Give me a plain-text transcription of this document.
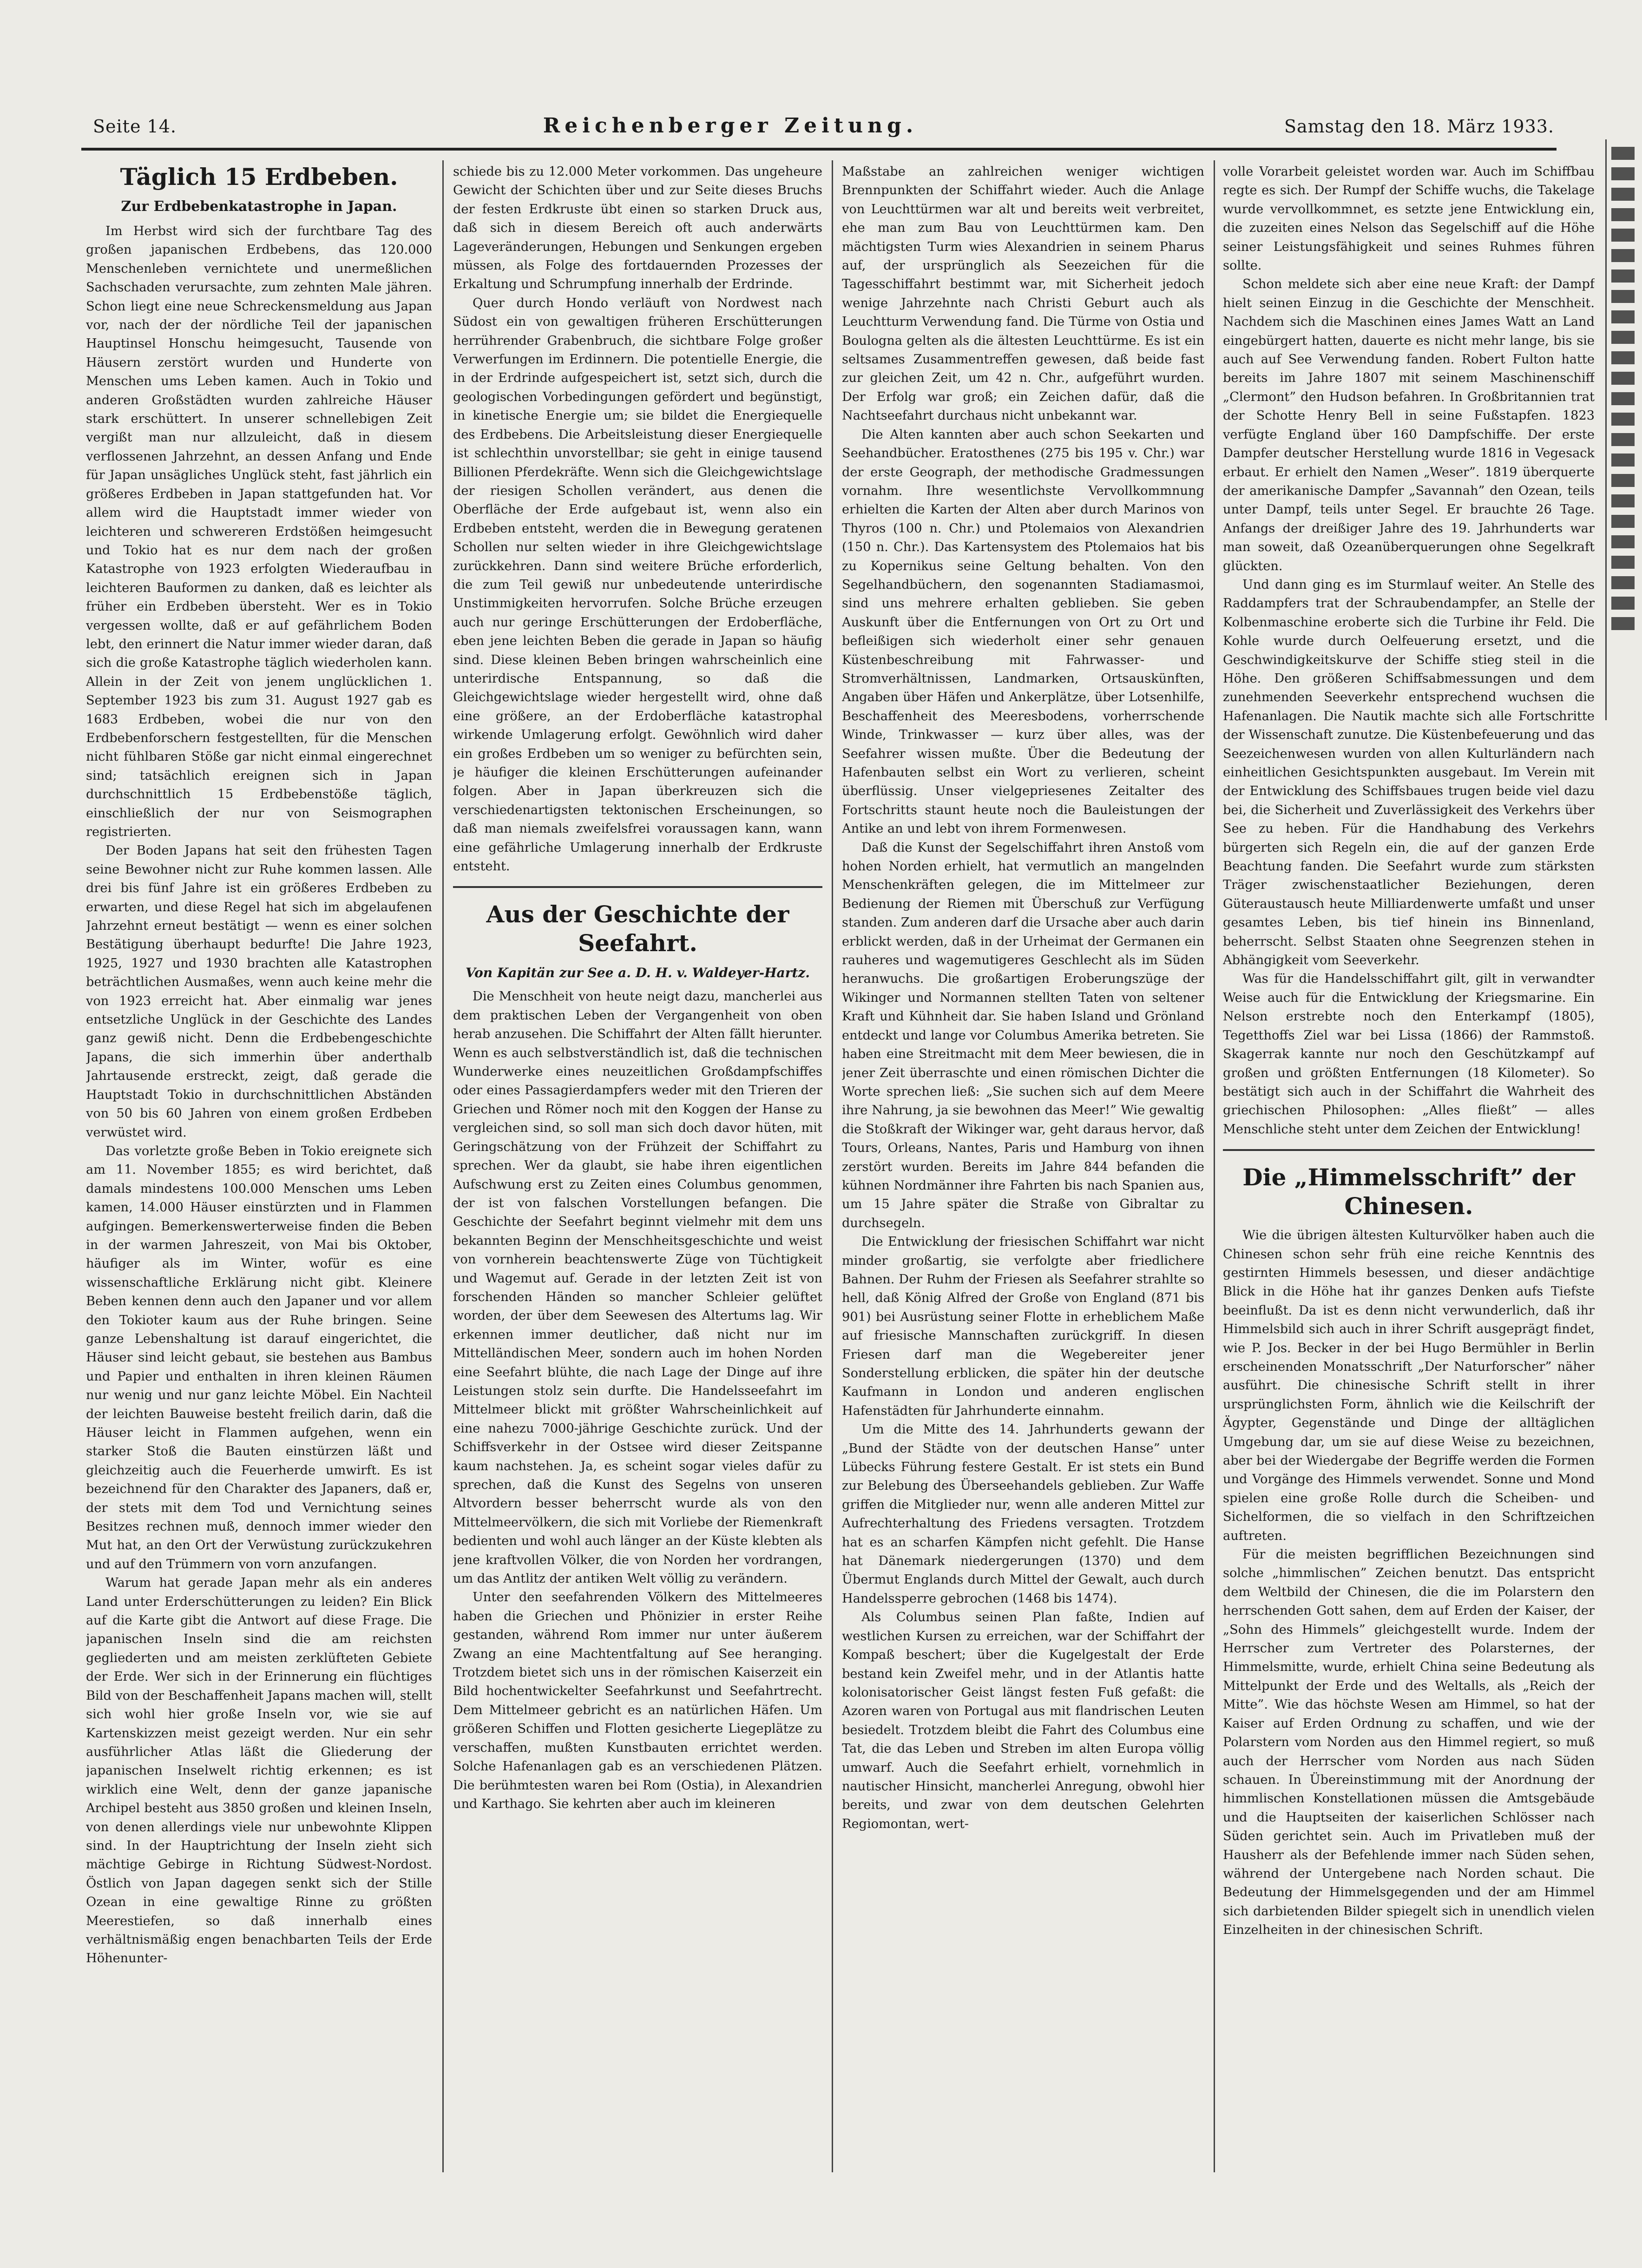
Seite 14.	Reichenberger Zeitung.	Samstag den 18. März 1933.
Täglich 15 Erdbeben.
Zur Erdbebenkatastrophe in Japan.

Im Herbst wird sich der furchtbare Tag des großen japanischen Erdbebens, das 120.000 Menschenleben vernichtete und unermeßlichen Sachschaden verursachte, zum zehnten Male jähren. Schon liegt eine neue Schreckensmeldung aus Japan vor, nach der der nördliche Teil der japanischen Hauptinsel Honschu heimgesucht, Tausende von Häusern zerstört wurden und Hunderte von Menschen ums Leben kamen. Auch in Tokio und anderen Großstädten wurden zahlreiche Häuser stark erschüttert. In unserer schnellebigen Zeit vergißt man nur allzuleicht, daß in diesem verflossenen Jahrzehnt, an dessen Anfang und Ende für Japan unsägliches Unglück steht, fast jährlich ein größeres Erdbeben in Japan stattgefunden hat. Vor allem wird die Hauptstadt immer wieder von leichteren und schwereren Erdstößen heimgesucht und Tokio hat es nur dem nach der großen Katastrophe von 1923 erfolgten Wiederaufbau in leichteren Bauformen zu danken, daß es leichter als früher ein Erdbeben übersteht. Wer es in Tokio vergessen wollte, daß er auf gefährlichem Boden lebt, den erinnert die Natur immer wieder daran, daß sich die große Katastrophe täglich wiederholen kann. Allein in der Zeit von jenem unglücklichen 1. September 1923 bis zum 31. August 1927 gab es 1683 Erdbeben, wobei die nur von den Erdbebenforschern festgestellten, für die Menschen nicht fühlbaren Stöße gar nicht einmal eingerechnet sind; tatsächlich ereignen sich in Japan durchschnittlich 15 Erdbebenstöße täglich, einschließlich der nur von Seismographen registrierten.

Der Boden Japans hat seit den frühesten Tagen seine Bewohner nicht zur Ruhe kommen lassen. Alle drei bis fünf Jahre ist ein größeres Erdbeben zu erwarten, und diese Regel hat sich im abgelaufenen Jahrzehnt erneut bestätigt — wenn es einer solchen Bestätigung überhaupt bedurfte! Die Jahre 1923, 1925, 1927 und 1930 brachten alle Katastrophen beträchtlichen Ausmaßes, wenn auch keine mehr die von 1923 erreicht hat. Aber einmalig war jenes entsetzliche Unglück in der Geschichte des Landes ganz gewiß nicht. Denn die Erdbebengeschichte Japans, die sich immerhin über anderthalb Jahrtausende erstreckt, zeigt, daß gerade die Hauptstadt Tokio in durchschnittlichen Abständen von 50 bis 60 Jahren von einem großen Erdbeben verwüstet wird.

Das vorletzte große Beben in Tokio ereignete sich am 11. November 1855; es wird berichtet, daß damals mindestens 100.000 Menschen ums Leben kamen, 14.000 Häuser einstürzten und in Flammen aufgingen. Bemerkenswerterweise finden die Beben in der warmen Jahreszeit, von Mai bis Oktober, häufiger als im Winter, wofür es eine wissenschaftliche Erklärung nicht gibt. Kleinere Beben kennen denn auch den Japaner und vor allem den Tokioter kaum aus der Ruhe bringen. Seine ganze Lebenshaltung ist darauf eingerichtet, die Häuser sind leicht gebaut, sie bestehen aus Bambus und Papier und enthalten in ihren kleinen Räumen nur wenig und nur ganz leichte Möbel. Ein Nachteil der leichten Bauweise besteht freilich darin, daß die Häuser leicht in Flammen aufgehen, wenn ein starker Stoß die Bauten einstürzen läßt und gleichzeitig auch die Feuerherde umwirft. Es ist bezeichnend für den Charakter des Japaners, daß er, der stets mit dem Tod und Vernichtung seines Besitzes rechnen muß, dennoch immer wieder den Mut hat, an den Ort der Verwüstung zurückzukehren und auf den Trümmern von vorn anzufangen.

Warum hat gerade Japan mehr als ein anderes Land unter Erderschütterungen zu leiden? Ein Blick auf die Karte gibt die Antwort auf diese Frage. Die japanischen Inseln sind die am reichsten gegliederten und am meisten zerklüfteten Gebiete der Erde. Wer sich in der Erinnerung ein flüchtiges Bild von der Beschaffenheit Japans machen will, stellt sich wohl hier große Inseln vor, wie sie auf Kartenskizzen meist gezeigt werden. Nur ein sehr ausführlicher Atlas läßt die Gliederung der japanischen Inselwelt richtig erkennen; es ist wirklich eine Welt, denn der ganze japanische Archipel besteht aus 3850 großen und kleinen Inseln, von denen allerdings viele nur unbewohnte Klippen sind. In der Hauptrichtung der Inseln zieht sich mächtige Gebirge in Richtung Südwest-Nordost. Östlich von Japan dagegen senkt sich der Stille Ozean in eine gewaltige Rinne zu größten Meerestiefen, so daß innerhalb eines verhältnismäßig engen benachbarten Teils der Erde Höhenunter-

schiede bis zu 12.000 Meter vorkommen. Das ungeheure Gewicht der Schichten über und zur Seite dieses Bruchs der festen Erdkruste übt einen so starken Druck aus, daß sich in diesem Bereich oft auch anderwärts Lageveränderungen, Hebungen und Senkungen ergeben müssen, als Folge des fortdauernden Prozesses der Erkaltung und Schrumpfung innerhalb der Erdrinde.

Quer durch Hondo verläuft von Nordwest nach Südost ein von gewaltigen früheren Erschütterungen herrührender Grabenbruch, die sichtbare Folge großer Verwerfungen im Erdinnern. Die potentielle Energie, die in der Erdrinde aufgespeichert ist, setzt sich, durch die geologischen Vorbedingungen gefördert und begünstigt, in kinetische Energie um; sie bildet die Energiequelle des Erdbebens. Die Arbeitsleistung dieser Energiequelle ist schlechthin unvorstellbar; sie geht in einige tausend Billionen Pferdekräfte. Wenn sich die Gleichgewichtslage der riesigen Schollen verändert, aus denen die Oberfläche der Erde aufgebaut ist, wenn also ein Erdbeben entsteht, werden die in Bewegung geratenen Schollen nur selten wieder in ihre Gleichgewichtslage zurückkehren. Dann sind weitere Brüche erforderlich, die zum Teil gewiß nur unbedeutende unterirdische Unstimmigkeiten hervorrufen. Solche Brüche erzeugen auch nur geringe Erschütterungen der Erdoberfläche, eben jene leichten Beben die gerade in Japan so häufig sind. Diese kleinen Beben bringen wahrscheinlich eine unterirdische Entspannung, so daß die Gleichgewichtslage wieder hergestellt wird, ohne daß eine größere, an der Erdoberfläche katastrophal wirkende Umlagerung erfolgt. Gewöhnlich wird daher ein großes Erdbeben um so weniger zu befürchten sein, je häufiger die kleinen Erschütterungen aufeinander folgen. Aber in Japan überkreuzen sich die verschiedenartigsten tektonischen Erscheinungen, so daß man niemals zweifelsfrei voraussagen kann, wann eine gefährliche Umlagerung innerhalb der Erdkruste entsteht.

Aus der Geschichte der Seefahrt.

Von Kapitän zur See a. D. H. v. Waldeyer-Hartz.

Die Menschheit von heute neigt dazu, mancherlei aus dem praktischen Leben der Vergangenheit von oben herab anzusehen. Die Schiffahrt der Alten fällt hierunter. Wenn es auch selbstverständlich ist, daß die technischen Wunderwerke eines neuzeitlichen Großdampfschiffes oder eines Passagierdampfers weder mit den Trieren der Griechen und Römer noch mit den Koggen der Hanse zu vergleichen sind, so soll man sich doch davor hüten, mit Geringschätzung von der Frühzeit der Schiffahrt zu sprechen. Wer da glaubt, sie habe ihren eigentlichen Aufschwung erst zu Zeiten eines Columbus genommen, der ist von falschen Vorstellungen befangen. Die Geschichte der Seefahrt beginnt vielmehr mit dem uns bekannten Beginn der Menschheitsgeschichte und weist von vornherein beachtenswerte Züge von Tüchtigkeit und Wagemut auf. Gerade in der letzten Zeit ist von forschenden Händen so mancher Schleier gelüftet worden, der über dem Seewesen des Altertums lag. Wir erkennen immer deutlicher, daß nicht nur im Mittelländischen Meer, sondern auch im hohen Norden eine Seefahrt blühte, die nach Lage der Dinge auf ihre Leistungen stolz sein durfte. Die Handelsseefahrt im Mittelmeer blickt mit größter Wahrscheinlichkeit auf eine nahezu 7000-jährige Geschichte zurück. Und der Schiffsverkehr in der Ostsee wird dieser Zeitspanne kaum nachstehen. Ja, es scheint sogar vieles dafür zu sprechen, daß die Kunst des Segelns von unseren Altvordern besser beherrscht wurde als von den Mittelmeervölkern, die sich mit Vorliebe der Riemenkraft bedienten und wohl auch länger an der Küste klebten als jene kraftvollen Völker, die von Norden her vordrangen, um das Antlitz der antiken Welt völlig zu verändern.

Unter den seefahrenden Völkern des Mittelmeeres haben die Griechen und Phönizier in erster Reihe gestanden, während Rom immer nur unter äußerem Zwang an eine Machtentfaltung auf See heranging. Trotzdem bietet sich uns in der römischen Kaiserzeit ein Bild hochentwickelter Seefahrkunst und Seefahrtrecht. Dem Mittelmeer gebricht es an natürlichen Häfen. Um größeren Schiffen und Flotten gesicherte Liegeplätze zu verschaffen, mußten Kunstbauten errichtet werden. Solche Hafenanlagen gab es an verschiedenen Plätzen. Die berühmtesten waren bei Rom (Ostia), in Alexandrien und Karthago. Sie kehrten aber auch im kleineren

Maßstabe an zahlreichen weniger wichtigen Brennpunkten der Schiffahrt wieder. Auch die Anlage von Leuchttürmen war alt und bereits weit verbreitet, ehe man zum Bau von Leuchttürmen kam. Den mächtigsten Turm wies Alexandrien in seinem Pharus auf, der ursprünglich als Seezeichen für die Tagesschiffahrt bestimmt war, mit Sicherheit jedoch wenige Jahrzehnte nach Christi Geburt auch als Leuchtturm Verwendung fand. Die Türme von Ostia und Boulogna gelten als die ältesten Leuchttürme. Es ist ein seltsames Zusammentreffen gewesen, daß beide fast zur gleichen Zeit, um 42 n. Chr., aufgeführt wurden. Der Erfolg war groß; ein Zeichen dafür, daß die Nachtseefahrt durchaus nicht unbekannt war.

Die Alten kannten aber auch schon Seekarten und Seehandbücher. Eratosthenes (275 bis 195 v. Chr.) war der erste Geograph, der methodische Gradmessungen vornahm. Ihre wesentlichste Vervollkommnung erhielten die Karten der Alten aber durch Marinos von Thyros (100 n. Chr.) und Ptolemaios von Alexandrien (150 n. Chr.). Das Kartensystem des Ptolemaios hat bis zu Kopernikus seine Geltung behalten. Von den Segelhandbüchern, den sogenannten Stadiamasmoi, sind uns mehrere erhalten geblieben. Sie geben Auskunft über die Entfernungen von Ort zu Ort und befleißigen sich wiederholt einer sehr genauen Küstenbeschreibung mit Fahrwasser- und Stromverhältnissen, Landmarken, Ortsauskünften, Angaben über Häfen und Ankerplätze, über Lotsenhilfe, Beschaffenheit des Meeresbodens, vorherrschende Winde, Trinkwasser — kurz über alles, was der Seefahrer wissen mußte. Über die Bedeutung der Hafenbauten selbst ein Wort zu verlieren, scheint überflüssig. Unser vielgepriesenes Zeitalter des Fortschritts staunt heute noch die Bauleistungen der Antike an und lebt von ihrem Formenwesen.

Daß die Kunst der Segelschiffahrt ihren Anstoß vom hohen Norden erhielt, hat vermutlich an mangelnden Menschenkräften gelegen, die im Mittelmeer zur Bedienung der Riemen mit Überschuß zur Verfügung standen. Zum anderen darf die Ursache aber auch darin erblickt werden, daß in der Urheimat der Germanen ein rauheres und wagemutigeres Geschlecht als im Süden heranwuchs. Die großartigen Eroberungszüge der Wikinger und Normannen stellten Taten von seltener Kraft und Kühnheit dar. Sie haben Island und Grönland entdeckt und lange vor Columbus Amerika betreten. Sie haben eine Streitmacht mit dem Meer bewiesen, die in jener Zeit überraschte und einen römischen Dichter die Worte sprechen ließ: „Sie suchen sich auf dem Meere ihre Nahrung, ja sie bewohnen das Meer!” Wie gewaltig die Stoßkraft der Wikinger war, geht daraus hervor, daß Tours, Orleans, Nantes, Paris und Hamburg von ihnen zerstört wurden. Bereits im Jahre 844 befanden die kühnen Nordmänner ihre Fahrten bis nach Spanien aus, um 15 Jahre später die Straße von Gibraltar zu durchsegeln.

Die Entwicklung der friesischen Schiffahrt war nicht minder großartig, sie verfolgte aber friedlichere Bahnen. Der Ruhm der Friesen als Seefahrer strahlte so hell, daß König Alfred der Große von England (871 bis 901) bei Ausrüstung seiner Flotte in erheblichem Maße auf friesische Mannschaften zurückgriff. In diesen Friesen darf man die Wegebereiter jener Sonderstellung erblicken, die später hin der deutsche Kaufmann in London und anderen englischen Hafenstädten für Jahrhunderte einnahm.

Um die Mitte des 14. Jahrhunderts gewann der „Bund der Städte von der deutschen Hanse” unter Lübecks Führung festere Gestalt. Er ist stets ein Bund zur Belebung des Überseehandels geblieben. Zur Waffe griffen die Mitglieder nur, wenn alle anderen Mittel zur Aufrechterhaltung des Friedens versagten. Trotzdem hat es an scharfen Kämpfen nicht gefehlt. Die Hanse hat Dänemark niedergerungen (1370) und dem Übermut Englands durch Mittel der Gewalt, auch durch Handelssperre gebrochen (1468 bis 1474).

Als Columbus seinen Plan faßte, Indien auf westlichen Kursen zu erreichen, war der Schiffahrt der Kompaß beschert; über die Kugelgestalt der Erde bestand kein Zweifel mehr, und in der Atlantis hatte kolonisatorischer Geist längst festen Fuß gefaßt: die Azoren waren von Portugal aus mit flandrischen Leuten besiedelt. Trotzdem bleibt die Fahrt des Columbus eine Tat, die das Leben und Streben im alten Europa völlig umwarf. Auch die Seefahrt erhielt, vornehmlich in nautischer Hinsicht, mancherlei Anregung, obwohl hier bereits, und zwar von dem deutschen Gelehrten Regiomontan, wert-

volle Vorarbeit geleistet worden war. Auch im Schiffbau regte es sich. Der Rumpf der Schiffe wuchs, die Takelage wurde vervollkommnet, es setzte jene Entwicklung ein, die zuzeiten eines Nelson das Segelschiff auf die Höhe seiner Leistungsfähigkeit und seines Ruhmes führen sollte.

Schon meldete sich aber eine neue Kraft: der Dampf hielt seinen Einzug in die Geschichte der Menschheit. Nachdem sich die Maschinen eines James Watt an Land eingebürgert hatten, dauerte es nicht mehr lange, bis sie auch auf See Verwendung fanden. Robert Fulton hatte bereits im Jahre 1807 mit seinem Maschinenschiff „Clermont” den Hudson befahren. In Großbritannien trat der Schotte Henry Bell in seine Fußstapfen. 1823 verfügte England über 160 Dampfschiffe. Der erste Dampfer deutscher Herstellung wurde 1816 in Vegesack erbaut. Er erhielt den Namen „Weser”. 1819 überquerte der amerikanische Dampfer „Savannah” den Ozean, teils unter Dampf, teils unter Segel. Er brauchte 26 Tage. Anfangs der dreißiger Jahre des 19. Jahrhunderts war man soweit, daß Ozeanüberquerungen ohne Segelkraft glückten.

Und dann ging es im Sturmlauf weiter. An Stelle des Raddampfers trat der Schraubendampfer, an Stelle der Kolbenmaschine eroberte sich die Turbine ihr Feld. Die Kohle wurde durch Oelfeuerung ersetzt, und die Geschwindigkeitskurve der Schiffe stieg steil in die Höhe. Den größeren Schiffsabmessungen und dem zunehmenden Seeverkehr entsprechend wuchsen die Hafenanlagen. Die Nautik machte sich alle Fortschritte der Wissenschaft zunutze. Die Küstenbefeuerung und das Seezeichenwesen wurden von allen Kulturländern nach einheitlichen Gesichtspunkten ausgebaut. Im Verein mit der Entwicklung des Schiffsbaues trugen beide viel dazu bei, die Sicherheit und Zuverlässigkeit des Verkehrs über See zu heben. Für die Handhabung des Verkehrs bürgerten sich Regeln ein, die auf der ganzen Erde Beachtung fanden. Die Seefahrt wurde zum stärksten Träger zwischenstaatlicher Beziehungen, deren Güteraustausch heute Milliardenwerte umfaßt und unser gesamtes Leben, bis tief hinein ins Binnenland, beherrscht. Selbst Staaten ohne Seegrenzen stehen in Abhängigkeit vom Seeverkehr.

Was für die Handelsschiffahrt gilt, gilt in verwandter Weise auch für die Entwicklung der Kriegsmarine. Ein Nelson erstrebte noch den Enterkampf (1805), Tegetthoffs Ziel war bei Lissa (1866) der Rammstoß. Skagerrak kannte nur noch den Geschützkampf auf großen und größten Entfernungen (18 Kilometer). So bestätigt sich auch in der Schiffahrt die Wahrheit des griechischen Philosophen: „Alles fließt” — alles Menschliche steht unter dem Zeichen der Entwicklung!

Die „Himmelsschrift” der Chinesen.

Wie die übrigen ältesten Kulturvölker haben auch die Chinesen schon sehr früh eine reiche Kenntnis des gestirnten Himmels besessen, und dieser andächtige Blick in die Höhe hat ihr ganzes Denken aufs Tiefste beeinflußt. Da ist es denn nicht verwunderlich, daß ihr Himmelsbild sich auch in ihrer Schrift ausgeprägt findet, wie P. Jos. Becker in der bei Hugo Bermühler in Berlin erscheinenden Monatsschrift „Der Naturforscher” näher ausführt. Die chinesische Schrift stellt in ihrer ursprünglichsten Form, ähnlich wie die Keilschrift der Ägypter, Gegenstände und Dinge der alltäglichen Umgebung dar, um sie auf diese Weise zu bezeichnen, aber bei der Wiedergabe der Begriffe werden die Formen und Vorgänge des Himmels verwendet. Sonne und Mond spielen eine große Rolle durch die Scheiben- und Sichelformen, die so vielfach in den Schriftzeichen auftreten.

Für die meisten begrifflichen Bezeichnungen sind solche „himmlischen” Zeichen benutzt. Das entspricht dem Weltbild der Chinesen, die die im Polarstern den herrschenden Gott sahen, dem auf Erden der Kaiser, der „Sohn des Himmels” gleichgestellt wurde. Indem der Herrscher zum Vertreter des Polarsternes, der Himmelsmitte, wurde, erhielt China seine Bedeutung als Mittelpunkt der Erde und des Weltalls, als „Reich der Mitte”. Wie das höchste Wesen am Himmel, so hat der Kaiser auf Erden Ordnung zu schaffen, und wie der Polarstern vom Norden aus den Himmel regiert, so muß auch der Herrscher vom Norden aus nach Süden schauen. In Übereinstimmung mit der Anordnung der himmlischen Konstellationen müssen die Amtsgebäude und die Hauptseiten der kaiserlichen Schlösser nach Süden gerichtet sein. Auch im Privatleben muß der Hausherr als der Befehlende immer nach Süden sehen, während der Untergebene nach Norden schaut. Die Bedeutung der Himmelsgegenden und der am Himmel sich darbietenden Bilder spiegelt sich in unendlich vielen Einzelheiten in der chinesischen Schrift.
